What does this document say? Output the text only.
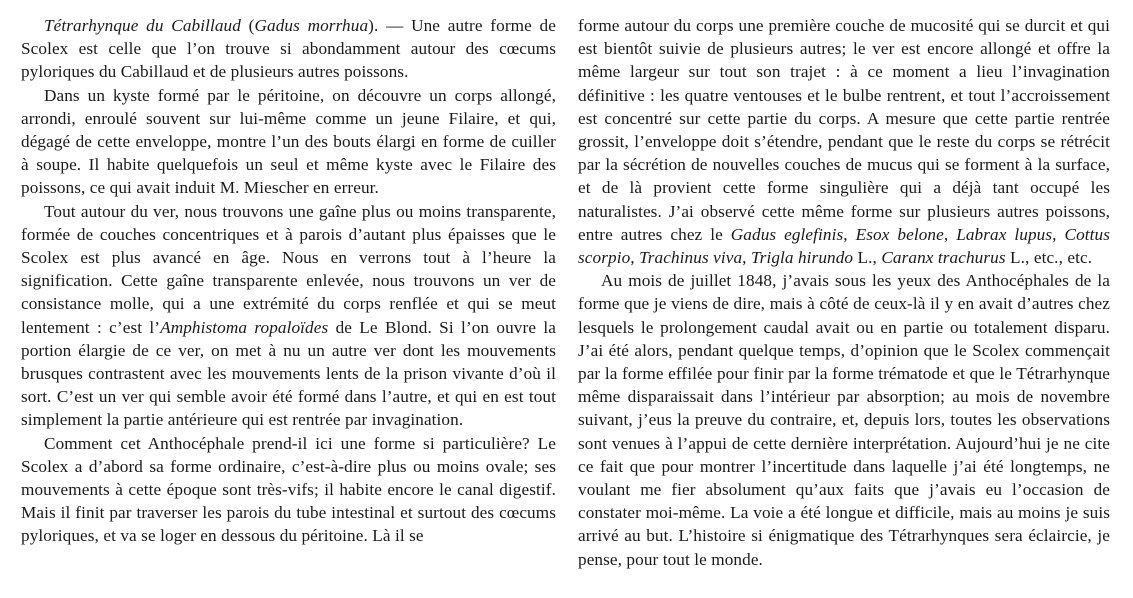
Tétrarhynque du Cabillaud (Gadus morrhua). — Une autre forme de Scolex est celle que l’on trouve si abondamment autour des cœcums pyloriques du Cabillaud et de plusieurs autres poissons.

Dans un kyste formé par le péritoine, on découvre un corps allongé, arrondi, enroulé souvent sur lui-même comme un jeune Filaire, et qui, dégagé de cette enveloppe, montre l’un des bouts élargi en forme de cuiller à soupe. Il habite quelquefois un seul et même kyste avec le Filaire des poissons, ce qui avait induit M. Miescher en erreur.

Tout autour du ver, nous trouvons une gaîne plus ou moins transparente, formée de couches concentriques et à parois d’autant plus épaisses que le Scolex est plus avancé en âge. Nous en verrons tout à l’heure la signification. Cette gaîne transparente enlevée, nous trouvons un ver de consistance molle, qui a une extrémité du corps renflée et qui se meut lentement : c’est l’Amphistoma ropaloïdes de Le Blond. Si l’on ouvre la portion élargie de ce ver, on met à nu un autre ver dont les mouvements brusques contrastent avec les mouvements lents de la prison vivante d’où il sort. C’est un ver qui semble avoir été formé dans l’autre, et qui en est tout simplement la partie antérieure qui est rentrée par invagination.

Comment cet Anthocéphale prend-il ici une forme si particulière? Le Scolex a d’abord sa forme ordinaire, c’est-à-dire plus ou moins ovale; ses mouvements à cette époque sont très-vifs; il habite encore le canal digestif. Mais il finit par traverser les parois du tube intestinal et surtout des cœcums pyloriques, et va se loger en dessous du péritoine. Là il se

forme autour du corps une première couche de mucosité qui se durcit et qui est bientôt suivie de plusieurs autres; le ver est encore allongé et offre la même largeur sur tout son trajet : à ce moment a lieu l’invagination définitive : les quatre ventouses et le bulbe rentrent, et tout l’accroissement est concentré sur cette partie du corps. A mesure que cette partie rentrée grossit, l’enveloppe doit s’étendre, pendant que le reste du corps se rétrécit par la sécrétion de nouvelles couches de mucus qui se forment à la surface, et de là provient cette forme singulière qui a déjà tant occupé les naturalistes. J’ai observé cette même forme sur plusieurs autres poissons, entre autres chez le Gadus eglefinis, Esox belone, Labrax lupus, Cottus scorpio, Trachinus viva, Trigla hirundo L., Caranx trachurus L., etc., etc.

Au mois de juillet 1848, j’avais sous les yeux des Anthocéphales de la forme que je viens de dire, mais à côté de ceux-là il y en avait d’autres chez lesquels le prolongement caudal avait ou en partie ou totalement disparu. J’ai été alors, pendant quelque temps, d’opinion que le Scolex commençait par la forme effilée pour finir par la forme trématode et que le Tétrarhynque même disparaissait dans l’intérieur par absorption; au mois de novembre suivant, j’eus la preuve du contraire, et, depuis lors, toutes les observations sont venues à l’appui de cette dernière interprétation. Aujourd’hui je ne cite ce fait que pour montrer l’incertitude dans laquelle j’ai été longtemps, ne voulant me fier absolument qu’aux faits que j’avais eu l’occasion de constater moi-même. La voie a été longue et difficile, mais au moins je suis arrivé au but. L’histoire si énigmatique des Tétrarhynques sera éclaircie, je pense, pour tout le monde.
